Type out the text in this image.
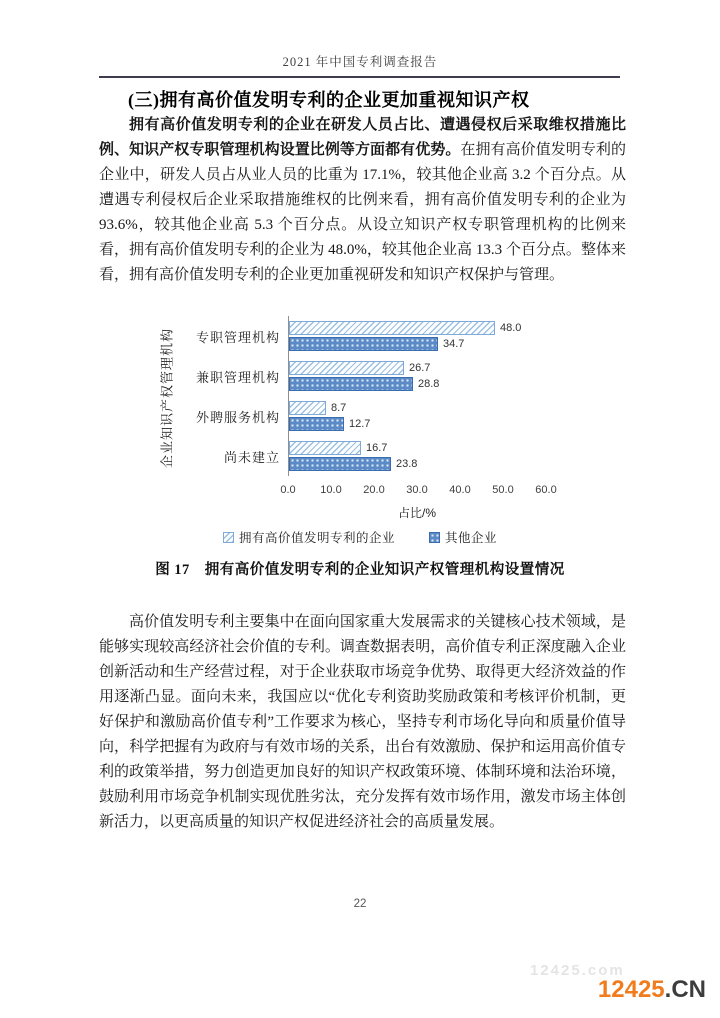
2021 年中国专利调查报告
(三)拥有高价值发明专利的企业更加重视知识产权

拥有高价值发明专利的企业在研发人员占比、遭遇侵权后采取维权措施比例、知识产权专职管理机构设置比例等方面都有优势。在拥有高价值发明专利的企业中，研发人员占从业人员的比重为 17.1%，较其他企业高 3.2 个百分点。从遭遇专利侵权后企业采取措施维权的比例来看，拥有高价值发明专利的企业为 93.6%，较其他企业高 5.3 个百分点。从设立知识产权专职管理机构的比例来看，拥有高价值发明专利的企业为 48.0%，较其他企业高 13.3 个百分点。整体来看，拥有高价值发明专利的企业更加重视研发和知识产权保护与管理。

企业知识产权管理机构	专职管理机构
兼职管理机构
外聘服务机构
尚未建立
48.0
34.7
26.7
28.8
8.7
12.7
16.7
23.8
0.0 10.0 20.0 30.0 40.0 50.0 60.0
占比/%
拥有高价值发明专利的企业	其他企业
图 17　拥有高价值发明专利的企业知识产权管理机构设置情况

高价值发明专利主要集中在面向国家重大发展需求的关键核心技术领域，是能够实现较高经济社会价值的专利。调查数据表明，高价值专利正深度融入企业创新活动和生产经营过程，对于企业获取市场竞争优势、取得更大经济效益的作用逐渐凸显。面向未来，我国应以“优化专利资助奖励政策和考核评价机制，更好保护和激励高价值专利”工作要求为核心，坚持专利市场化导向和质量价值导向，科学把握有为政府与有效市场的关系，出台有效激励、保护和运用高价值专利的政策举措，努力创造更加良好的知识产权政策环境、体制环境和法治环境，鼓励利用市场竞争机制实现优胜劣汰，充分发挥有效市场作用，激发市场主体创新活力，以更高质量的知识产权促进经济社会的高质量发展。

22
12425.com
12425.CN
